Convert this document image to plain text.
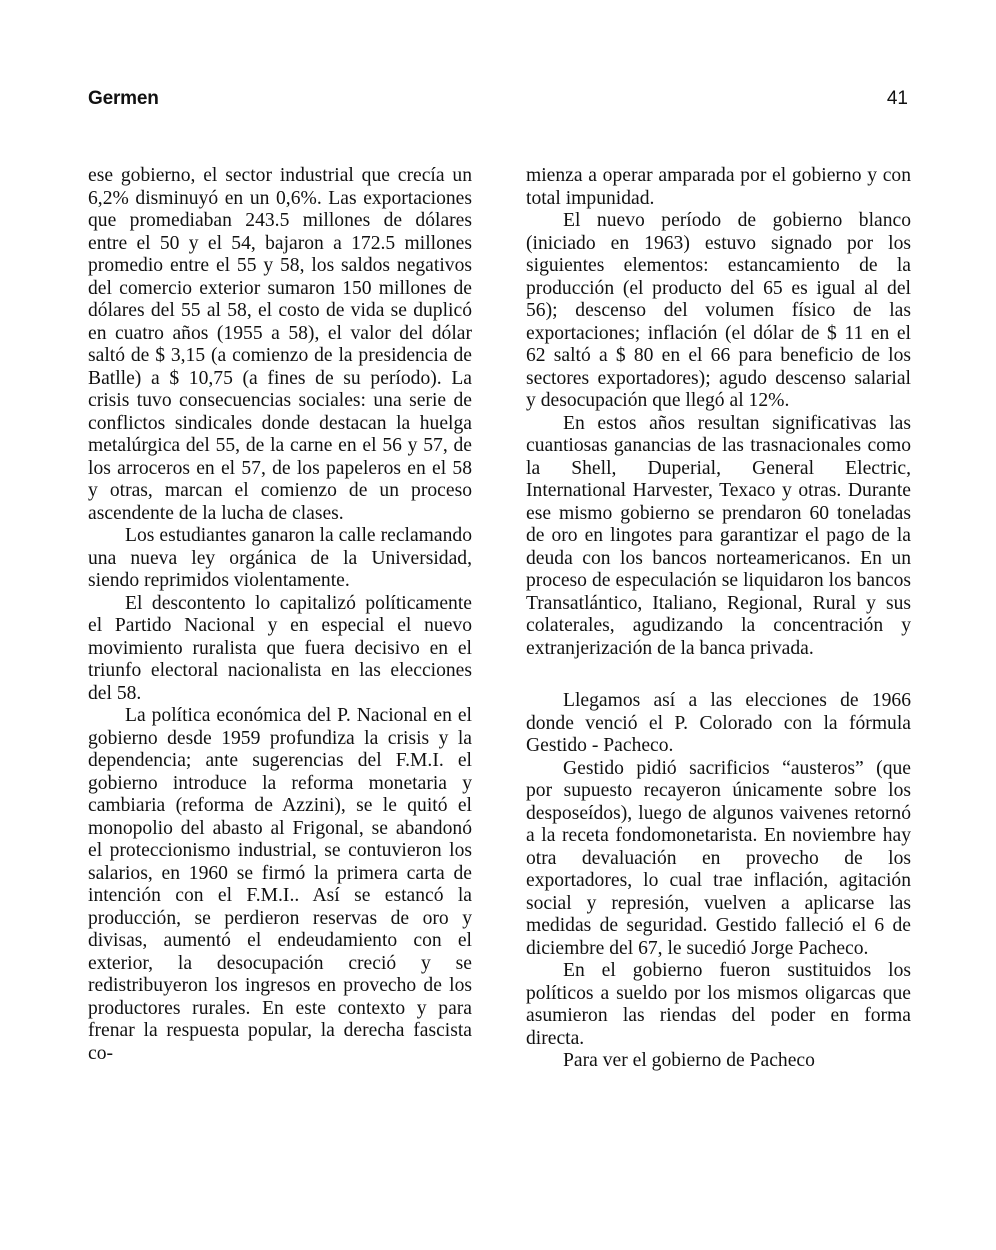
Germen	41

ese gobierno, el sector industrial que crecía un 6,2% disminuyó en un 0,6%. Las exportaciones que promediaban 243.5 millones de dólares entre el 50 y el 54, bajaron a 172.5 millones promedio entre el 55 y 58, los saldos negativos del comercio exterior sumaron 150 millones de dólares del 55 al 58, el costo de vida se duplicó en cuatro años (1955 a 58), el valor del dólar saltó de $ 3,15 (a comienzo de la presidencia de Batlle) a $ 10,75 (a fines de su período). La crisis tuvo consecuencias sociales: una serie de conflictos sindicales donde destacan la huelga metalúrgica del 55, de la carne en el 56 y 57, de los arroceros en el 57, de los papeleros en el 58 y otras, marcan el comienzo de un proceso ascendente de la lucha de clases.

Los estudiantes ganaron la calle reclamando una nueva ley orgánica de la Universidad, siendo reprimidos violentamente.

El descontento lo capitalizó políticamente el Partido Nacional y en especial el nuevo movimiento ruralista que fuera decisivo en el triunfo electoral nacionalista en las elecciones del 58.

La política económica del P. Nacional en el gobierno desde 1959 profundiza la crisis y la dependencia; ante sugerencias del F.M.I. el gobierno introduce la reforma monetaria y cambiaria (reforma de Azzini), se le quitó el monopolio del abasto al Frigonal, se abandonó el proteccionismo industrial, se contuvieron los salarios, en 1960 se firmó la primera carta de intención con el F.M.I.. Así se estancó la producción, se perdieron reservas de oro y divisas, aumentó el endeudamiento con el exterior, la desocupación creció y se redistribuyeron los ingresos en provecho de los productores rurales. En este contexto y para frenar la respuesta popular, la derecha fascista co-

mienza a operar amparada por el gobierno y con total impunidad.

El nuevo período de gobierno blanco (iniciado en 1963) estuvo signado por los siguientes elementos: estancamiento de la producción (el producto del 65 es igual al del 56); descenso del volumen físico de las exportaciones; inflación (el dólar de $ 11 en el 62 saltó a $ 80 en el 66 para beneficio de los sectores exportadores); agudo descenso salarial y desocupación que llegó al 12%.

En estos años resultan significativas las cuantiosas ganancias de las trasnacionales como la Shell, Duperial, General Electric, International Harvester, Texaco y otras. Durante ese mismo gobierno se prendaron 60 toneladas de oro en lingotes para garantizar el pago de la deuda con los bancos norteamericanos. En un proceso de especulación se liquidaron los bancos Transatlántico, Italiano, Regional, Rural y sus colaterales, agudizando la concentración y extranjerización de la banca privada.

Llegamos así a las elecciones de 1966 donde venció el P. Colorado con la fórmula Gestido - Pacheco.

Gestido pidió sacrificios “austeros” (que por supuesto recayeron únicamente sobre los desposeídos), luego de algunos vaivenes retornó a la receta fondomonetarista. En noviembre hay otra devaluación en provecho de los exportadores, lo cual trae inflación, agitación social y represión, vuelven a aplicarse las medidas de seguridad. Gestido falleció el 6 de diciembre del 67, le sucedió Jorge Pacheco.

En el gobierno fueron sustituidos los políticos a sueldo por los mismos oligarcas que asumieron las riendas del poder en forma directa.

Para ver el gobierno de Pacheco
